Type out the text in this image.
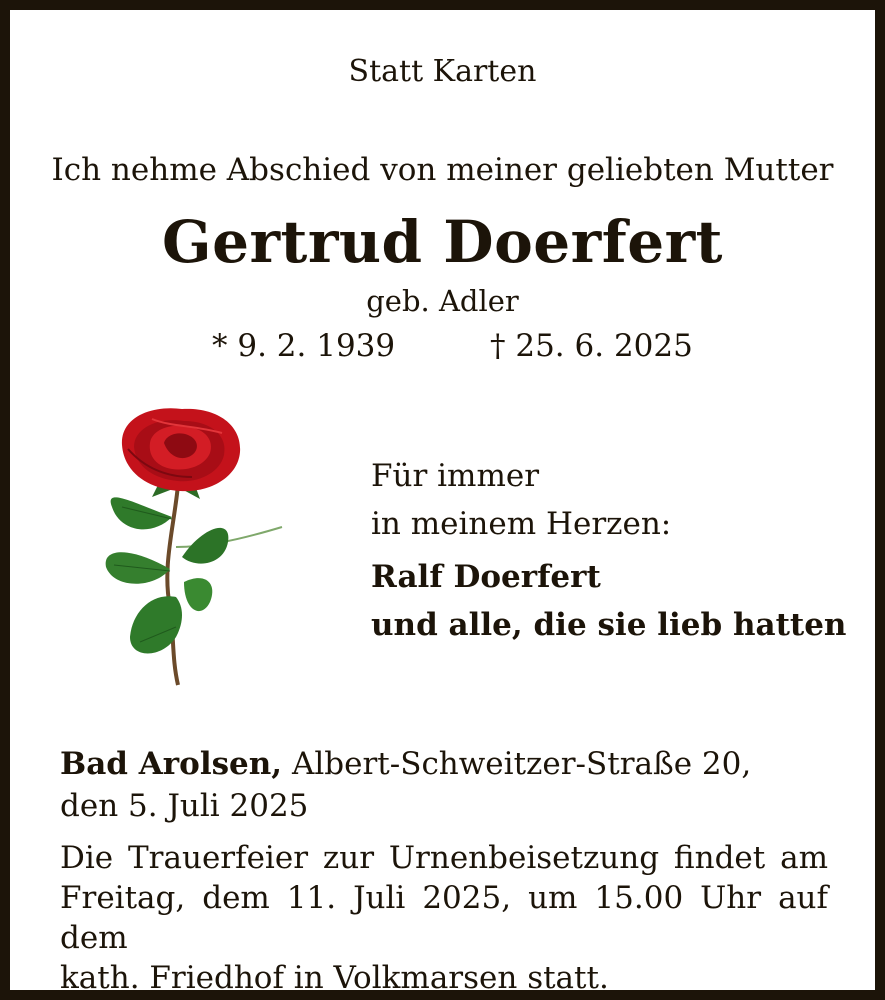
Statt Karten

Ich nehme Abschied von meiner geliebten Mutter

Gertrud Doerfert

geb. Adler

* 9. 2. 1939	† 25. 6. 2025

Für immer

in meinem Herzen:

Ralf Doerfert

und alle, die sie lieb hatten

Bad Arolsen, Albert-Schweitzer-Straße 20,

den 5. Juli 2025

Die Trauerfeier zur Urnenbeisetzung findet am
Freitag, dem 11. Juli 2025, um 15.00 Uhr auf dem
kath. Friedhof in Volkmarsen statt.
